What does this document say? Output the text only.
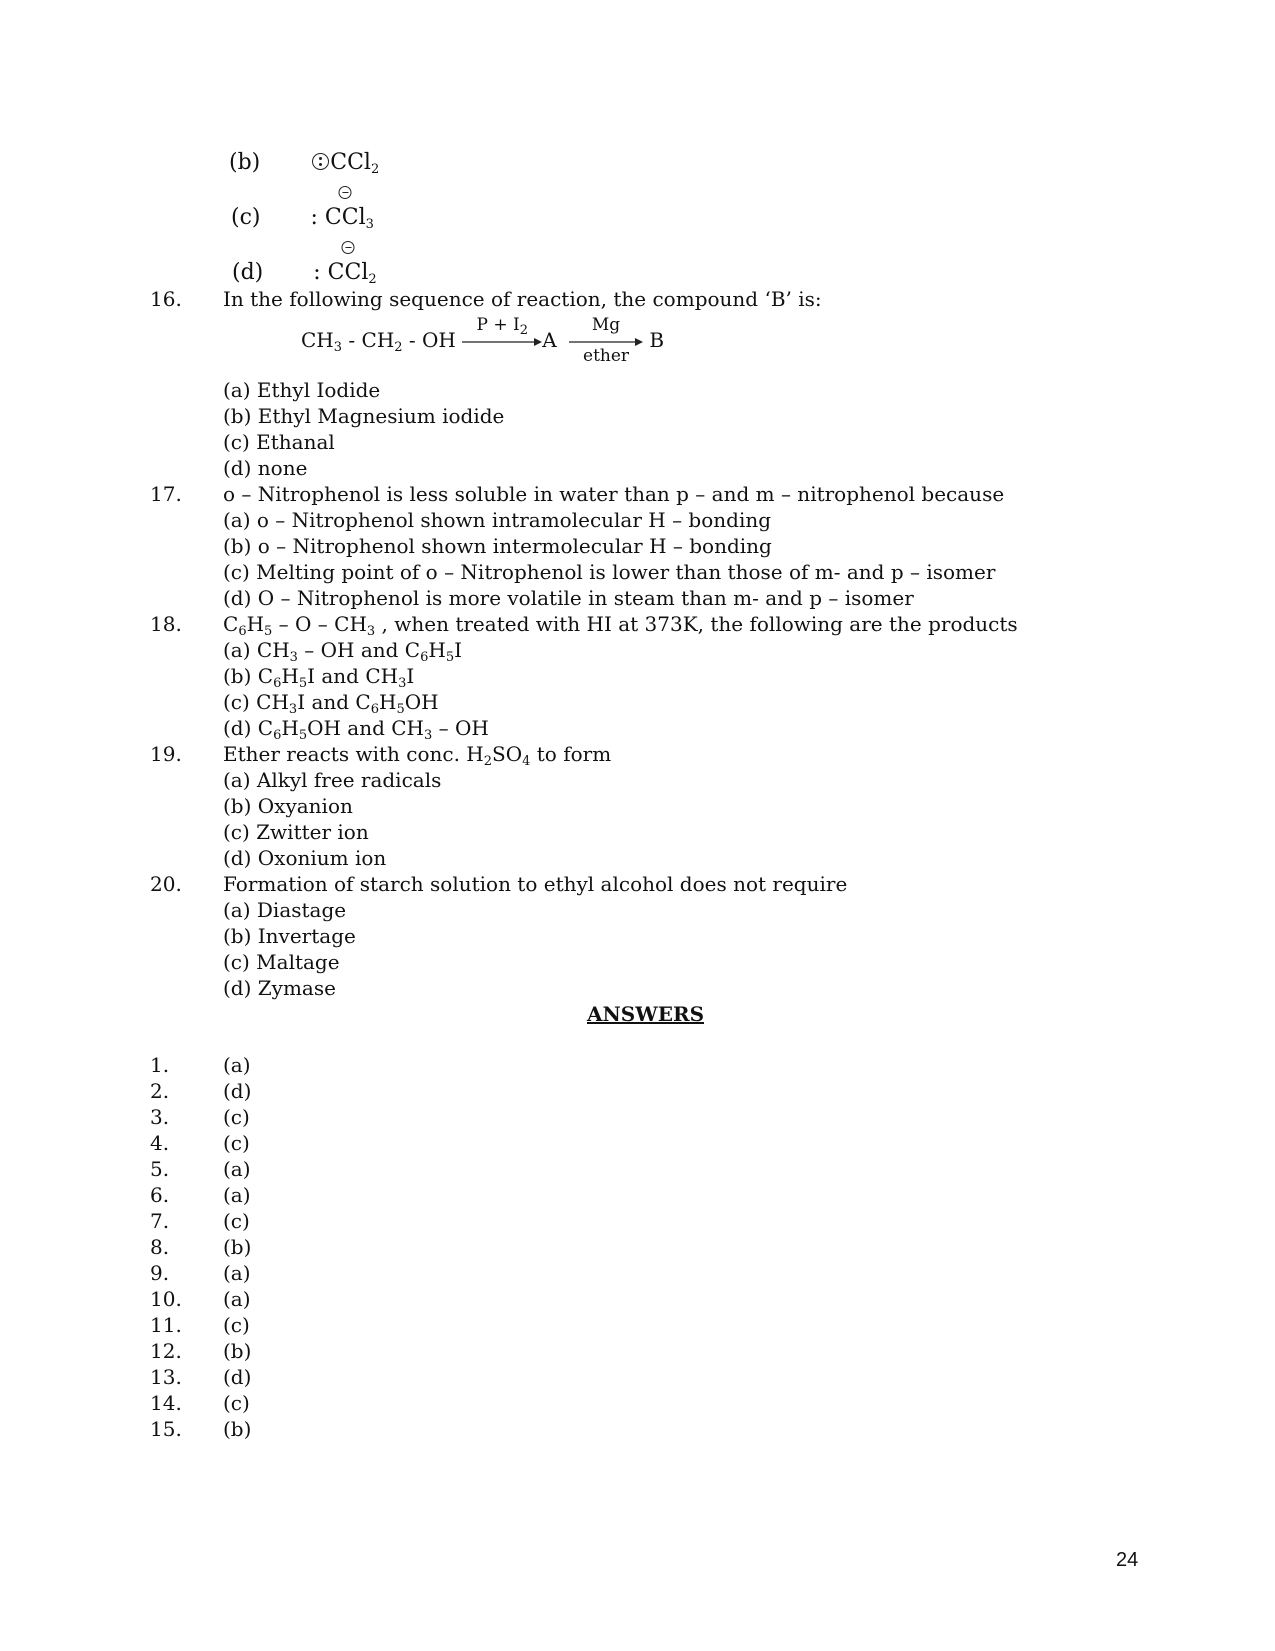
(b)	CCl$_2$
(c) : CCl$_3$
(d) : CCl$_2$
16. In the following sequence of reaction, the compound ‘B’ is:
$CH_3 - CH_2$ - OH
$P + I_2$ A
Mg
ether
B
(a) Ethyl Iodide
(b) Ethyl Magnesium iodide
(c) Ethanal
(d) none
17. o – Nitrophenol is less soluble in water than p – and m – nitrophenol because
(a) o – Nitrophenol shown intramolecular H – bonding
(b) o – Nitrophenol shown intermolecular H – bonding
(c) Melting point of o – Nitrophenol is lower than those of m- and p – isomer
(d) O – Nitrophenol is more volatile in steam than m- and p – isomer
18. $C_6H_5$ – O – $CH_3$ , when treated with HI at 373K, the following are the products
(a) $CH_3$ – OH and $C_6H_5I$
(b) $C_6H_5I$ and $CH_3I$
(c) $CH_3I$ and $C_6H_5OH$
(d) $C_6H_5OH$ and $CH_3$ – OH
19. Ether reacts with conc. $H_2SO_4$ to form
(a) Alkyl free radicals
(b) Oxyanion
(c) Zwitter ion
(d) Oxonium ion
20. Formation of starch solution to ethyl alcohol does not require
(a) Diastage
(b) Invertage
(c) Maltage
(d) Zymase
ANSWERS
1.	(a)
2.	(d)
3.	(c)
4.	(c)
5.	(a)
6.	(a)
7.	(c)
8.	(b)
9.	(a)
10. (a)
11. (c)
12. (b)
13. (d)
14. (c)
15. (b)
24
